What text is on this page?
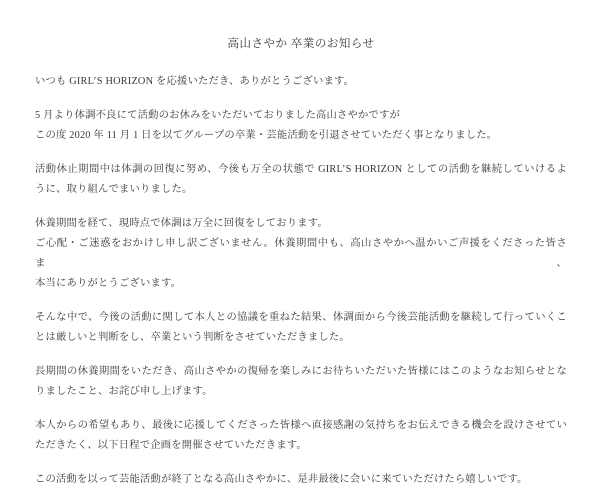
高山さやか 卒業のお知らせ
いつも GIRL’S HORIZON を応援いただき、ありがとうございます。
5 月より体調不良にて活動のお休みをいただいておりました高山さやかですが
この度 2020 年 11 月 1 日を以てグループの卒業・芸能活動を引退させていただく事となりました。
活動休止期間中は体調の回復に努め、今後も万全の状態で GIRL’S HORIZON としての活動を継続していけるよ
うに、取り組んでまいりました。
休養期間を経て、現時点で体調は万全に回復をしております。
ご心配・ご迷惑をおかけし申し訳ございません。休養期間中も、高山さやかへ温かいご声援をくださった皆さま、
本当にありがとうございます。
そんな中で、今後の活動に関して本人との協議を重ねた結果、体調面から今後芸能活動を継続して行っていくこ
とは厳しいと判断をし、卒業という判断をさせていただきました。
長期間の休養期間をいただき、高山さやかの復帰を楽しみにお待ちいただいた皆様にはこのようなお知らせとな
りましたこと、お詫び申し上げます。
本人からの希望もあり、最後に応援してくださった皆様へ直接感謝の気持ちをお伝えできる機会を設けさせてい
ただきたく、以下日程で企画を開催させていただきます。
この活動を以って芸能活動が終了となる高山さやかに、是非最後に会いに来ていただけたら嬉しいです。
